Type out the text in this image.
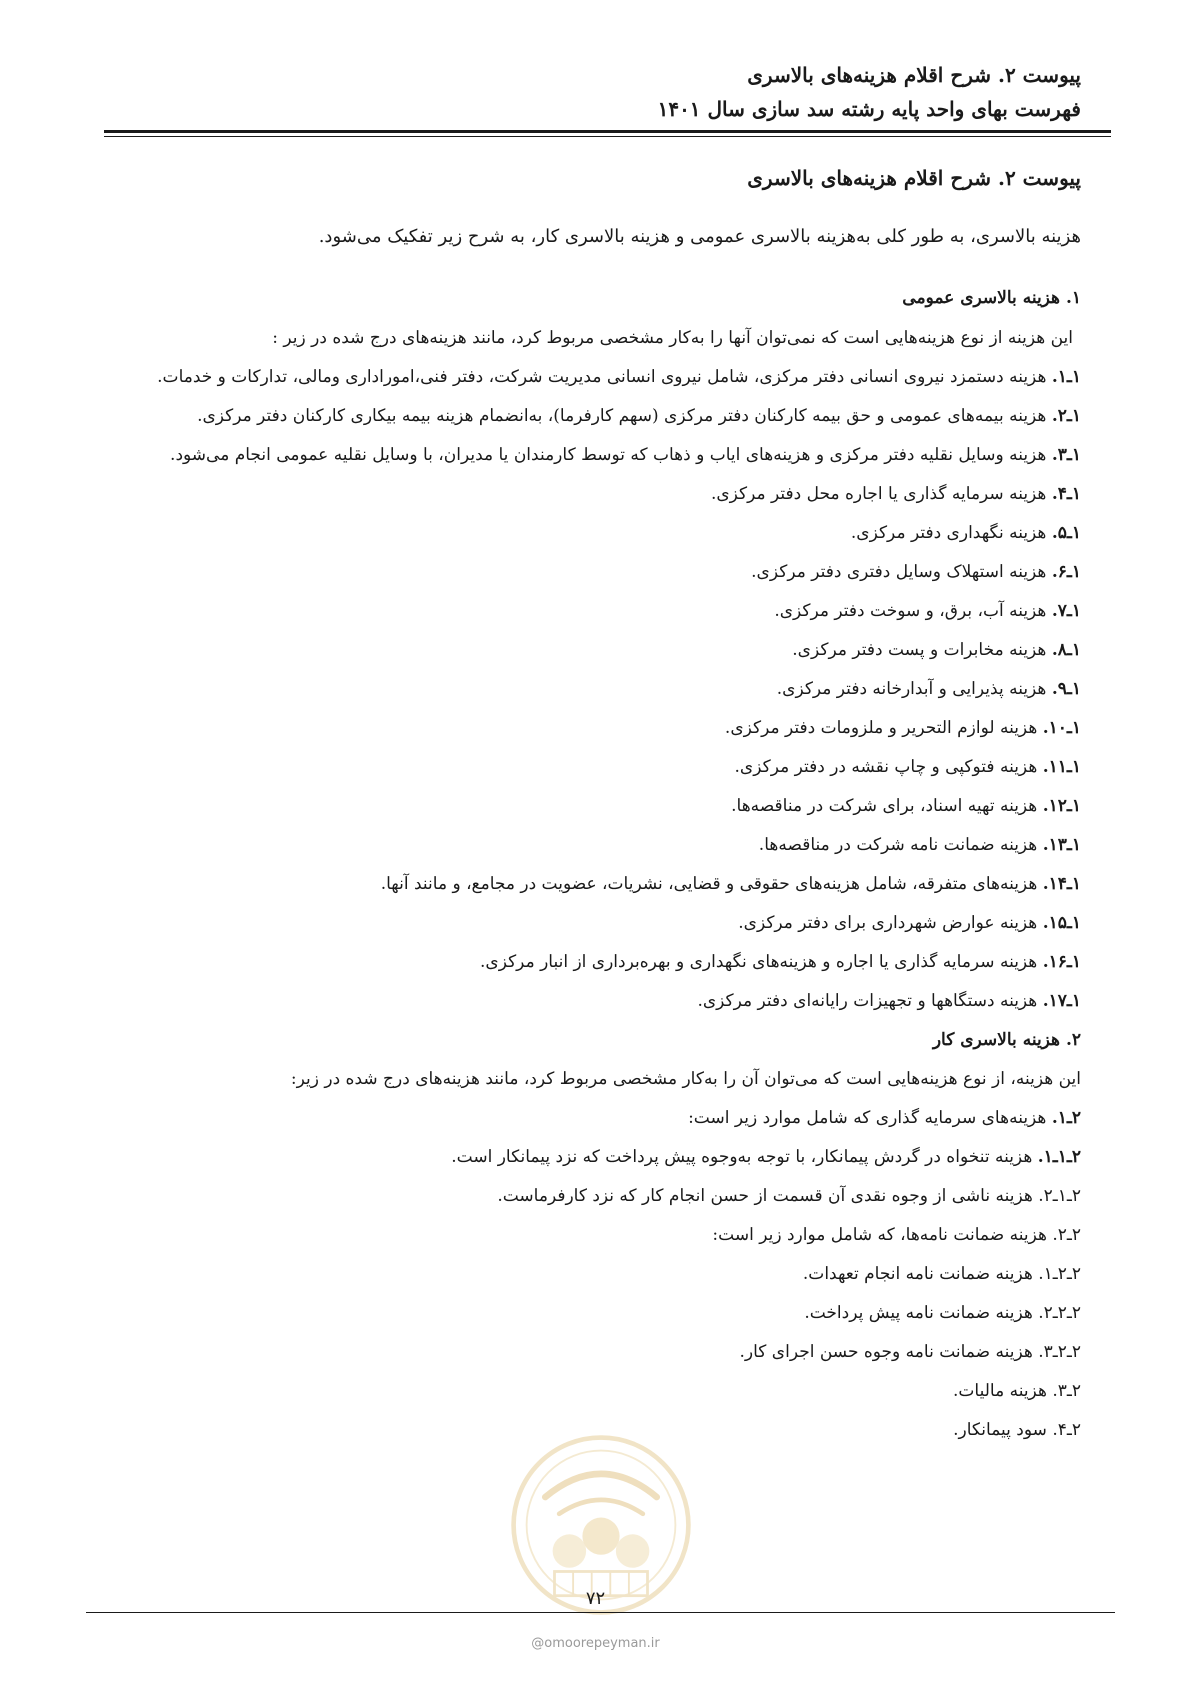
پیوست ۲. شرح اقلام هزینه‌های بالاسری
فهرست بهای واحد پایه رشته سد سازی سال ۱۴۰۱
پیوست ۲. شرح اقلام هزینه‌های بالاسری
هزینه بالاسری، به طور کلی به‌هزینه بالاسری عمومی و هزینه بالاسری کار، به شرح زیر تفکیک می‌شود.
۱. هزینه بالاسری عمومی
این هزینه از نوع هزینه‌هایی است که نمی‌توان آنها را به‌کار مشخصی مربوط کرد، مانند هزینه‌های درج شده در زیر :
۱ـ۱. هزینه دستمزد نیروی انسانی دفتر مرکزی، شامل نیروی انسانی مدیریت شرکت، دفتر فنی،اموراداری ومالی، تدارکات و خدمات.
۱ـ۲. هزینه بیمه‌های عمومی و حق بیمه کارکنان دفتر مرکزی (سهم کارفرما)، به‌انضمام هزینه بیمه بیکاری کارکنان دفتر مرکزی.
۱ـ۳. هزینه وسایل نقلیه دفتر مرکزی و هزینه‌های ایاب و ذهاب که توسط کارمندان یا مدیران، با وسایل نقلیه عمومی انجام می‌شود.
۱ـ۴. هزینه سرمایه گذاری یا اجاره محل دفتر مرکزی.
۱ـ۵. هزینه نگهداری دفتر مرکزی.
۱ـ۶. هزینه استهلاک وسایل دفتری دفتر مرکزی.
۱ـ۷. هزینه آب، برق، و سوخت دفتر مرکزی.
۱ـ۸. هزینه مخابرات و پست دفتر مرکزی.
۱ـ۹. هزینه پذیرایی و آبدارخانه دفتر مرکزی.
۱ـ۱۰. هزینه لوازم التحریر و ملزومات دفتر مرکزی.
۱ـ۱۱. هزینه فتوکپی و چاپ نقشه در دفتر مرکزی.
۱ـ۱۲. هزینه تهیه اسناد، برای شرکت در مناقصه‌ها.
۱ـ۱۳. هزینه ضمانت نامه شرکت در مناقصه‌ها.
۱ـ۱۴. هزینه‌های متفرقه، شامل هزینه‌های حقوقی و قضایی، نشریات، عضویت در مجامع، و مانند آنها.
۱ـ۱۵. هزینه عوارض شهرداری برای دفتر مرکزی.
۱ـ۱۶. هزینه سرمایه گذاری یا اجاره و هزینه‌های نگهداری و بهره‌برداری از انبار مرکزی.
۱ـ۱۷. هزینه دستگاهها و تجهیزات رایانه‌ای دفتر مرکزی.
۲. هزینه بالاسری کار
این هزینه، از نوع هزینه‌هایی است که می‌توان آن را به‌کار مشخصی مربوط کرد، مانند هزینه‌های درج شده در زیر:
۲ـ۱. هزینه‌های سرمایه گذاری که شامل موارد زیر است:
۲ـ۱ـ۱. هزینه تنخواه در گردش پیمانکار، با توجه به‌وجوه پیش پرداخت که نزد پیمانکار است.
۲ـ۱ـ۲. هزینه ناشی از وجوه نقدی آن قسمت از حسن انجام کار که نزد کارفرماست.
۲ـ۲. هزینه ضمانت نامه‌ها، که شامل موارد زیر است:
۲ـ۲ـ۱. هزینه ضمانت نامه انجام تعهدات.
۲ـ۲ـ۲. هزینه ضمانت نامه پیش پرداخت.
۲ـ۲ـ۳. هزینه ضمانت نامه وجوه حسن اجرای کار.
۲ـ۳. هزینه مالیات.
۲ـ۴. سود پیمانکار.
۷۲
@omoorepeyman.ir
